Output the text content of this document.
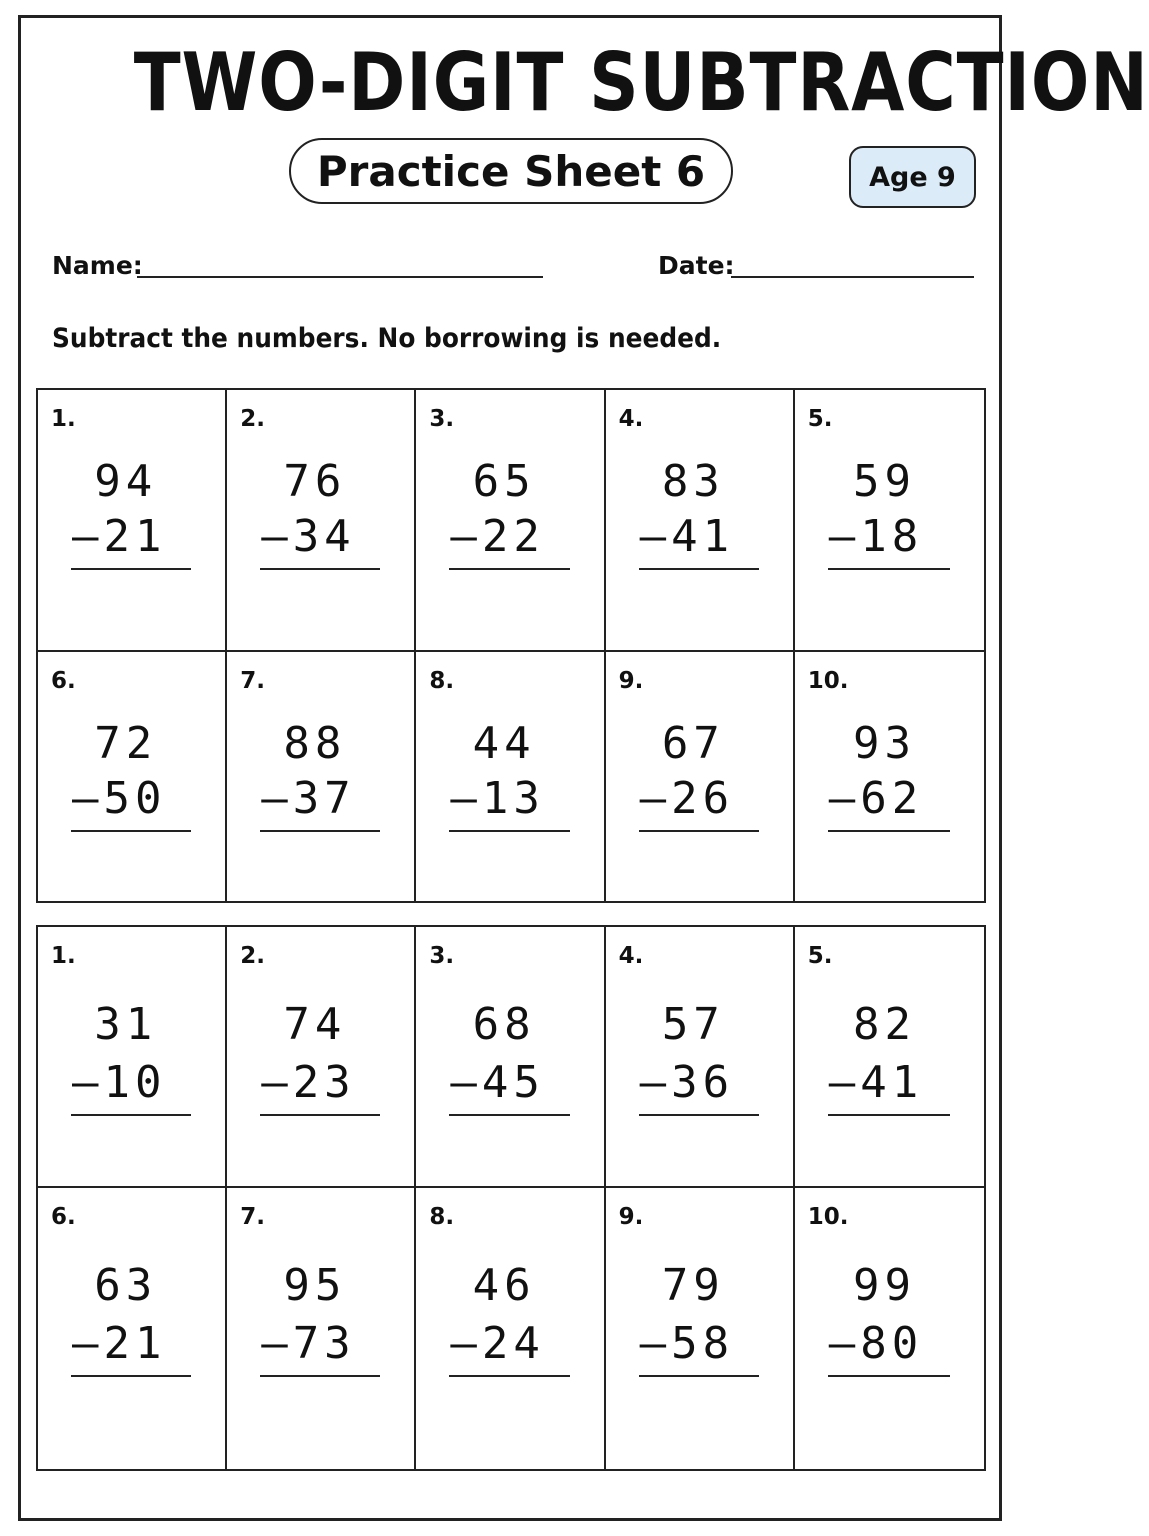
TWO-DIGIT SUBTRACTION
Practice Sheet 6	Age 9
Name:	Date:
Subtract the numbers. No borrowing is needed.
1.
94
– 21
2.
76
– 34
3.
65
– 22
4.
83
– 41
5.
59
– 18
6.
72
– 50
7.
88
– 37
8.
44
– 13
9.
67
– 26
10.
93
– 62
1.
31
– 10
2.
74
– 23
3.
68
– 45
4.
57
– 36
5.
82
– 41
6.
63
– 21
7.
95
– 73
8.
46
– 24
9.
79
– 58
10.
99
– 80
